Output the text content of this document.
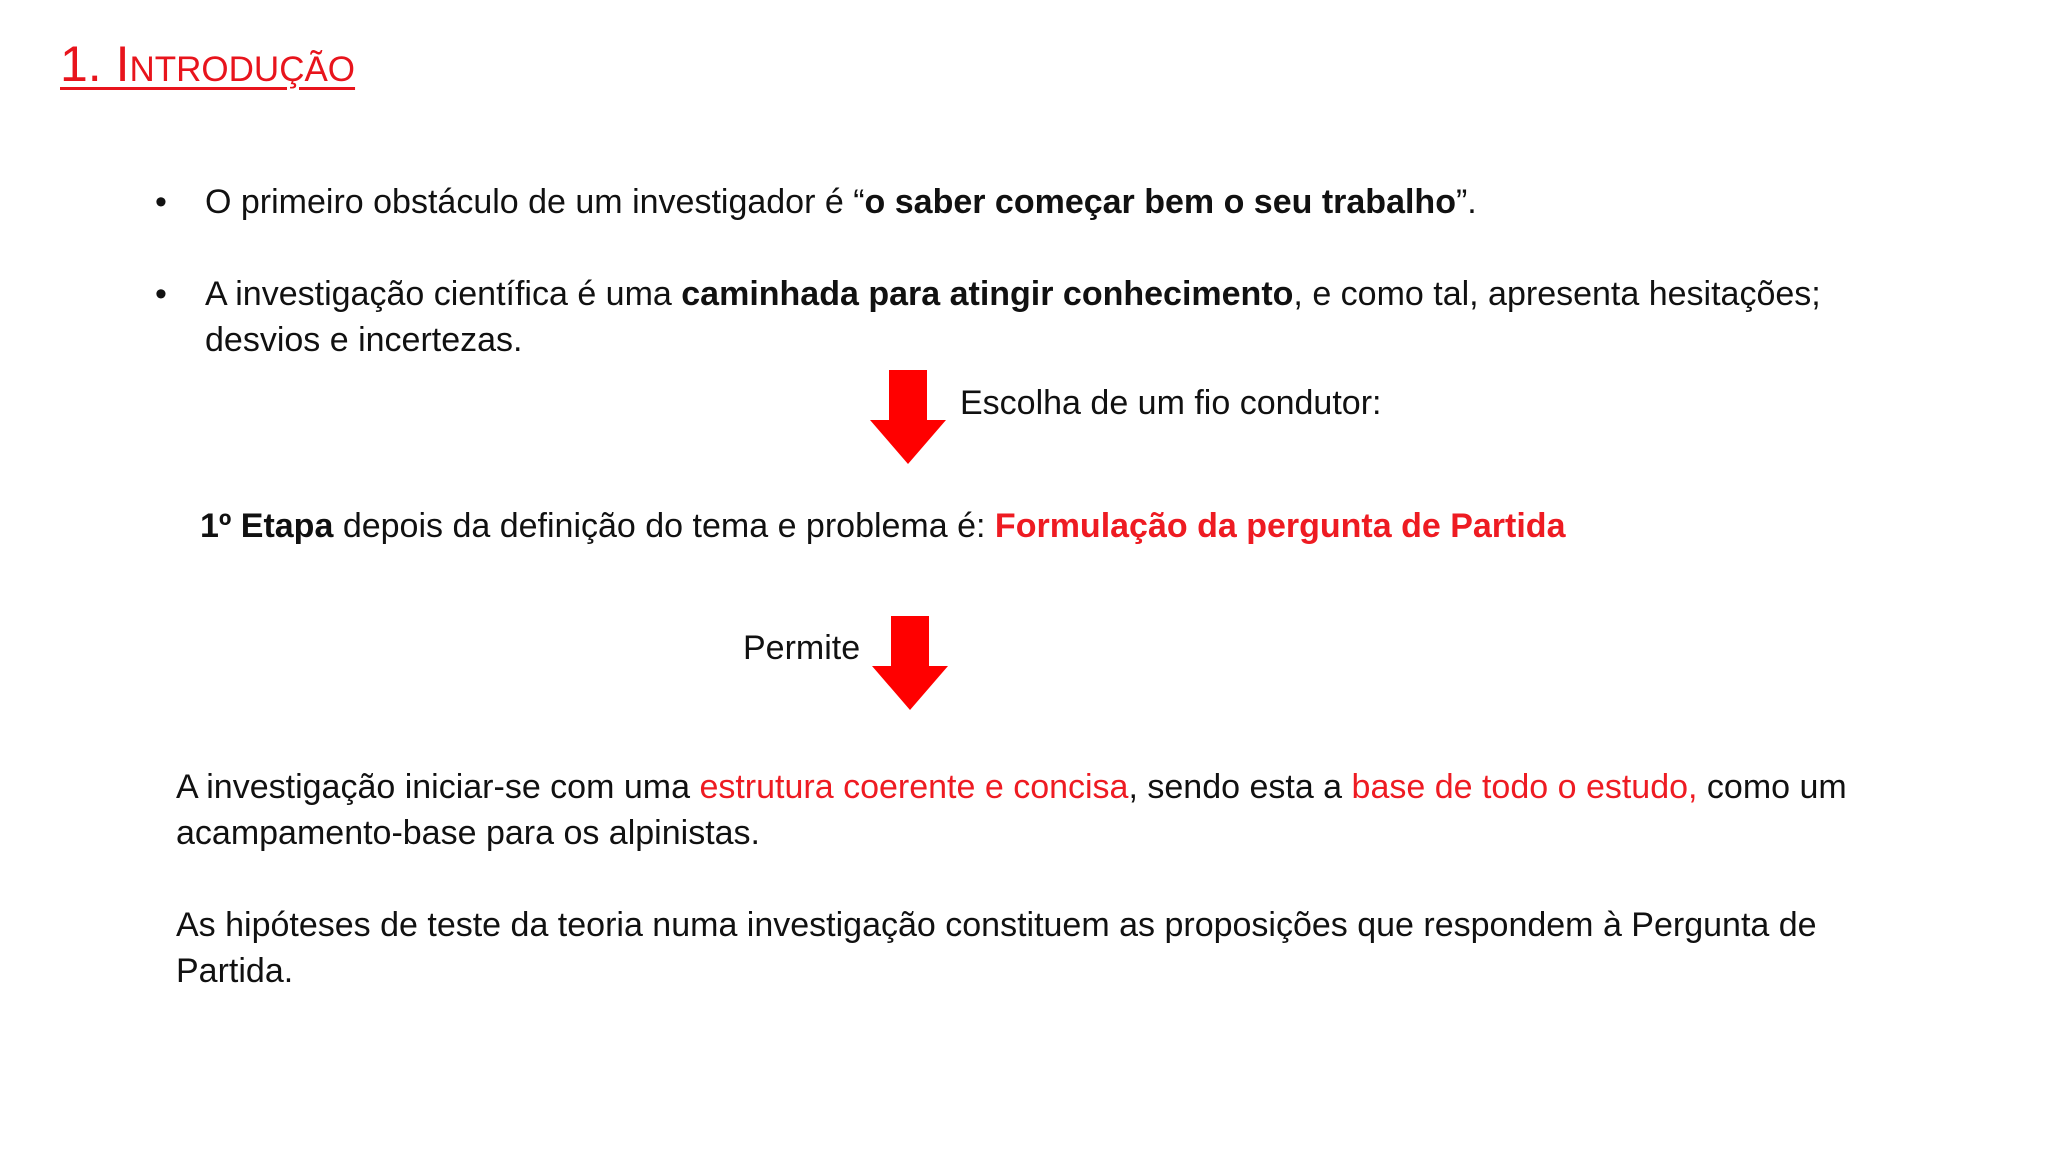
1. Introdução
• O primeiro obstáculo de um investigador é “o saber começar bem o seu trabalho”.
• A investigação científica é uma caminhada para atingir conhecimento, e como tal, apresenta hesitações; desvios e incertezas.
Escolha de um fio condutor:
1º Etapa depois da definição do tema e problema é: Formulação da pergunta de Partida
Permite
A investigação iniciar-se com uma estrutura coerente e concisa, sendo esta a base de todo o estudo, como um acampamento-base para os alpinistas.
As hipóteses de teste da teoria numa investigação constituem as proposições que respondem à Pergunta de Partida.
